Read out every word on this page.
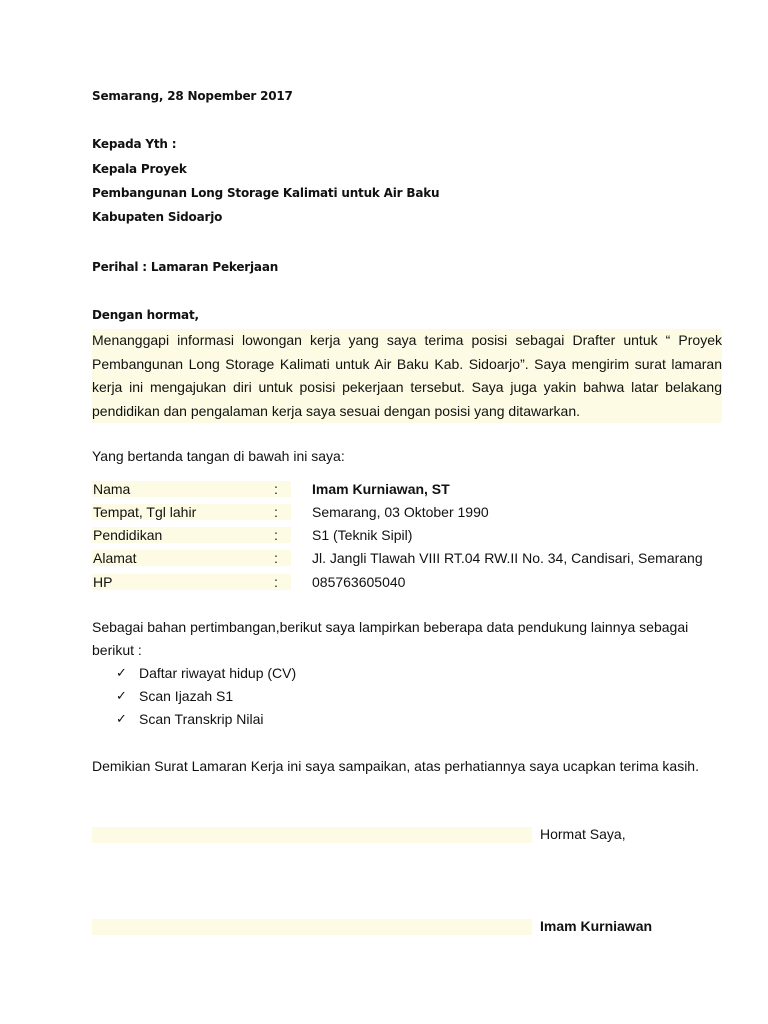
Semarang, 28 Nopember 2017
Kepada Yth :
Kepala Proyek
Pembangunan Long Storage Kalimati untuk Air Baku
Kabupaten Sidoarjo
Perihal : Lamaran Pekerjaan
Dengan hormat,
Menanggapi informasi lowongan kerja yang saya terima posisi sebagai Drafter untuk “ Proyek Pembangunan Long Storage Kalimati untuk Air Baku Kab. Sidoarjo”. Saya mengirim surat lamaran kerja ini mengajukan diri untuk posisi pekerjaan tersebut. Saya juga yakin bahwa latar belakang pendidikan dan pengalaman kerja saya sesuai dengan posisi yang ditawarkan.
Yang bertanda tangan di bawah ini saya:
Nama	: Imam Kurniawan, ST
Tempat, Tgl lahir	: Semarang, 03 Oktober 1990
Pendidikan	: S1 (Teknik Sipil)
Alamat	: Jl. Jangli Tlawah VIII RT.04 RW.II No. 34, Candisari, Semarang
HP	: 085763605040
Sebagai bahan pertimbangan,berikut saya lampirkan beberapa data pendukung lainnya sebagai
berikut :
✓ Daftar riwayat hidup (CV)
✓ Scan Ijazah S1
✓ Scan Transkrip Nilai
Demikian Surat Lamaran Kerja ini saya sampaikan, atas perhatiannya saya ucapkan terima kasih.
Hormat Saya,
Imam Kurniawan
